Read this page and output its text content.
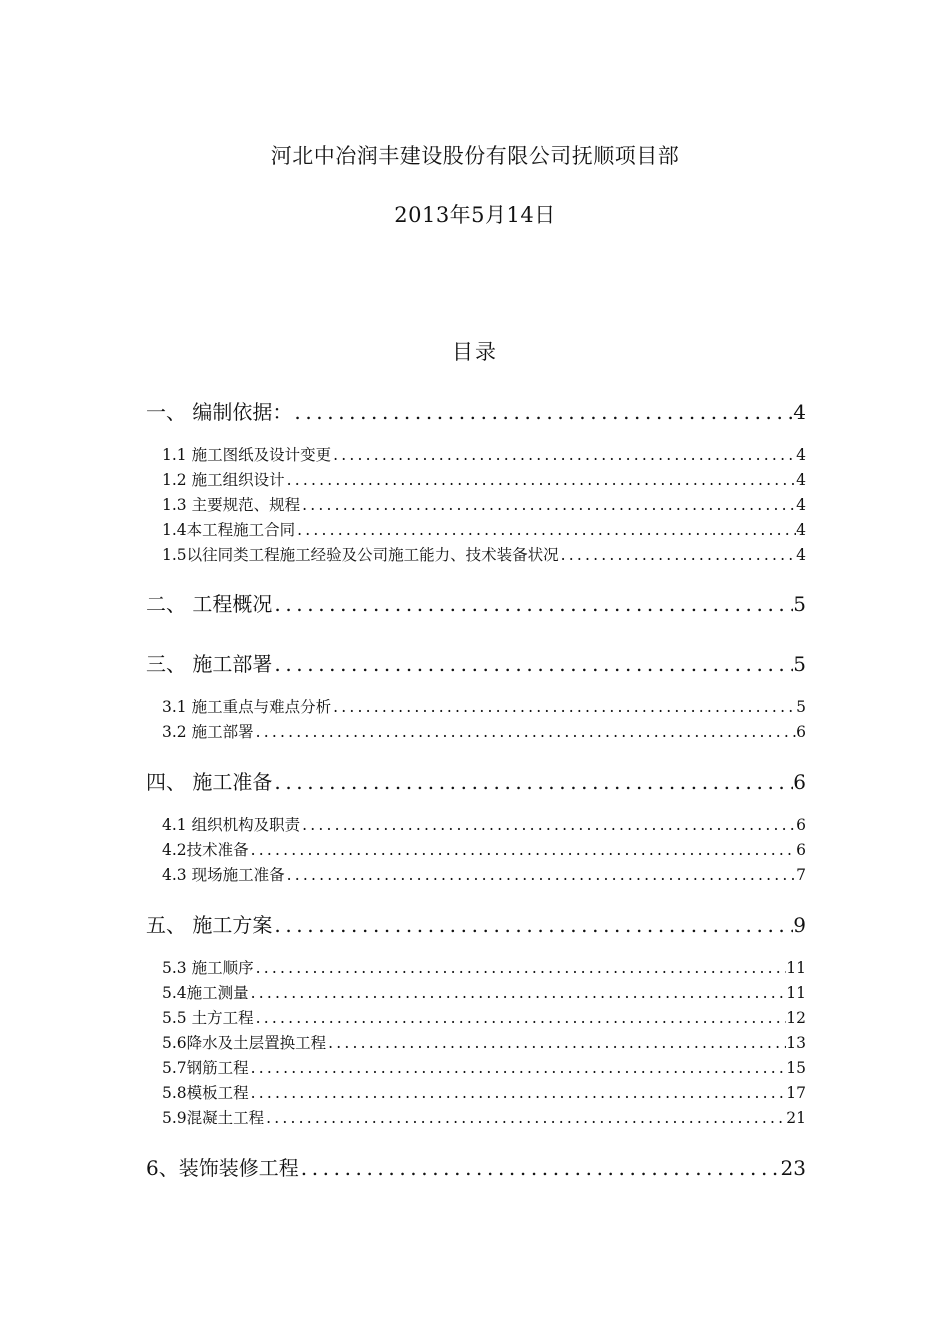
河北中冶润丰建设股份有限公司抚顺项目部
2013年5月14日
目录
一、 编制依据： .....	4
1.1 施工图纸及设计变更 .....	4
1.2 施工组织设计 .....	4
1.3 主要规范、规程 .....	4
1.4本工程施工合同 .....	4
1.5以往同类工程施工经验及公司施工能力、技术装备状况 .....	4
二、 工程概况 .....	5
三、 施工部署 .....	5
3.1 施工重点与难点分析 .....	5
3.2 施工部署 .....	6
四、 施工准备 .....	6
4.1 组织机构及职责 .....	6
4.2技术准备 .....	6
4.3 现场施工准备 .....	7
五、 施工方案 .....	9
5.3 施工顺序 .....	11
5.4施工测量 .....	11
5.5 土方工程 .....	12
5.6降水及土层置换工程 .....	13
5.7钢筋工程 .....	15
5.8模板工程 .....	17
5.9混凝土工程 .....	21
6、装饰装修工程 .....	23
